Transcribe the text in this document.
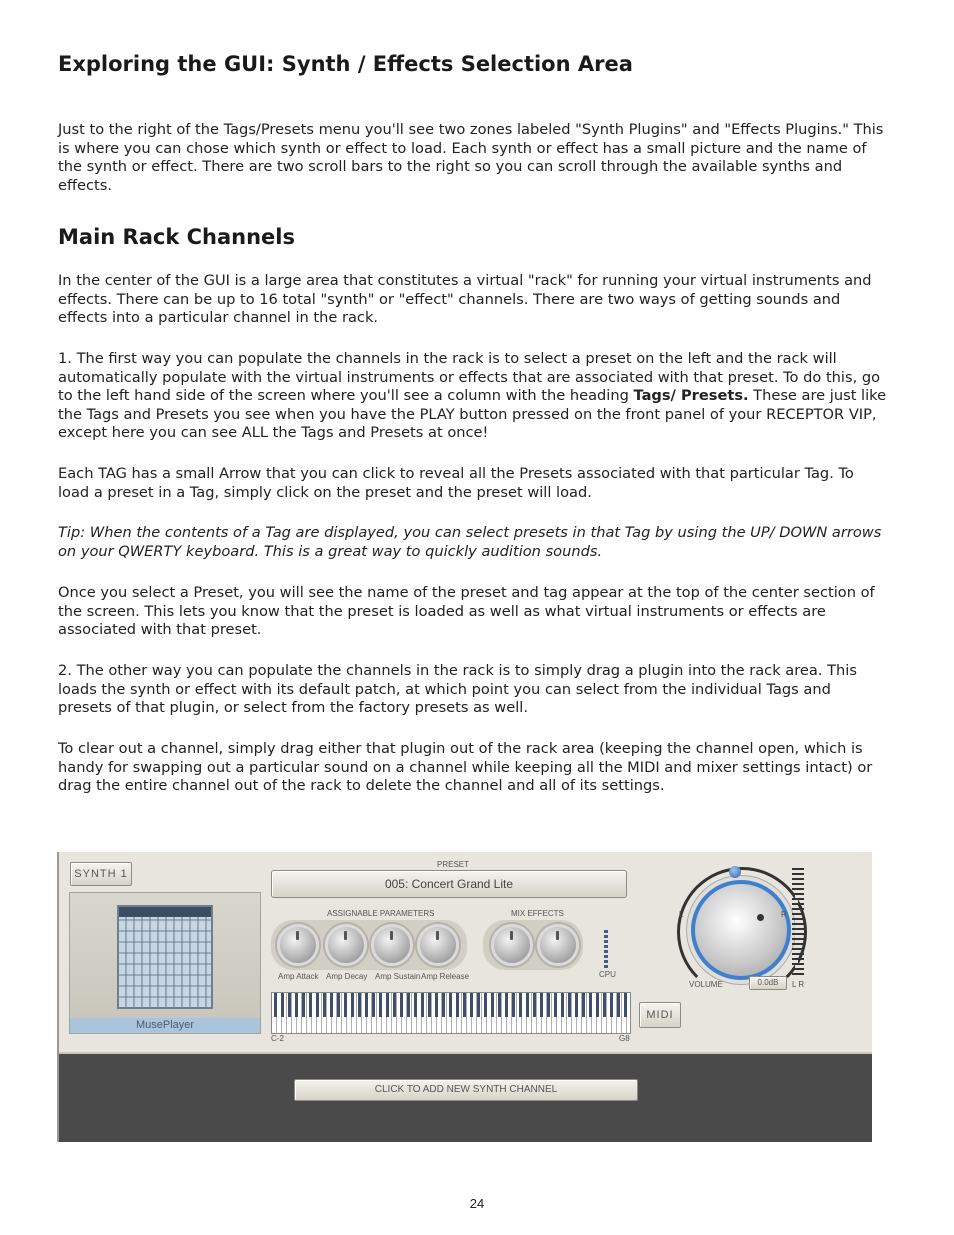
Exploring the GUI: Synth / Effects Selection Area

Just to the right of the Tags/Presets menu you'll see two zones labeled "Synth Plugins" and "Effects Plugins." This is where you can chose which synth or effect to load. Each synth or effect has a small picture and the name of the synth or effect. There are two scroll bars to the right so you can scroll through the available synths and effects.

Main Rack Channels

In the center of the GUI is a large area that constitutes a virtual "rack" for running your virtual instruments and effects. There can be up to 16 total "synth" or "effect" channels. There are two ways of getting sounds and effects into a particular channel in the rack.

1. The first way you can populate the channels in the rack is to select a preset on the left and the rack will automatically populate with the virtual instruments or effects that are associated with that preset. To do this, go to the left hand side of the screen where you'll see a column with the heading Tags/ Presets. These are just like the Tags and Presets you see when you have the PLAY button pressed on the front panel of your RECEPTOR VIP, except here you can see ALL the Tags and Presets at once!

Each TAG has a small Arrow that you can click to reveal all the Presets associated with that particular Tag. To load a preset in a Tag, simply click on the preset and the preset will load.

Tip: When the contents of a Tag are displayed, you can select presets in that Tag by using the UP/ DOWN arrows on your QWERTY keyboard. This is a great way to quickly audition sounds.

Once you select a Preset, you will see the name of the preset and tag appear at the top of the center section of the screen. This lets you know that the preset is loaded as well as what virtual instruments or effects are associated with that preset.

2. The other way you can populate the channels in the rack is to simply drag a plugin into the rack area. This loads the synth or effect with its default patch, at which point you can select from the individual Tags and presets of that plugin, or select from the factory presets as well.

To clear out a channel, simply drag either that plugin out of the rack area (keeping the channel open, which is handy for swapping out a particular sound on a channel while keeping all the MIDI and mixer settings intact) or drag the entire channel out of the rack to delete the channel and all of its settings.

SYNTH 1
MusePlayer
PRESET
005: Concert Grand Lite
ASSIGNABLE PARAMETERS
Amp Attack Amp Decay Amp Sustain Amp Release
MIX EFFECTS
CPU
L	R
VOLUME	0.0dB	L R
C-2	G8
MIDI
CLICK TO ADD NEW SYNTH CHANNEL
24
